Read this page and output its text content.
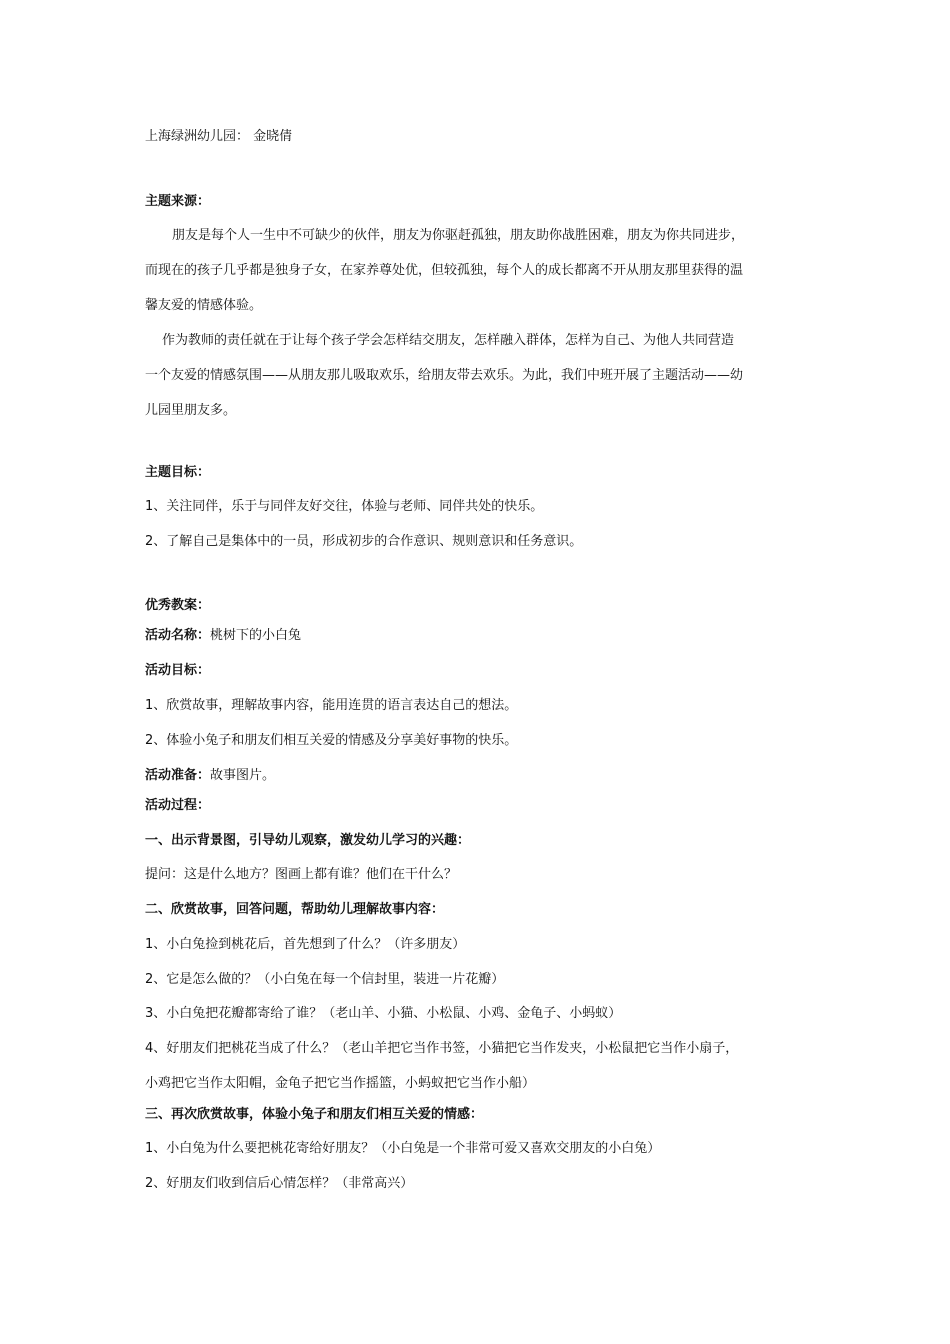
上海绿洲幼儿园： 金晓倩
主题来源：
朋友是每个人一生中不可缺少的伙伴，朋友为你驱赶孤独，朋友助你战胜困难，朋友为你共同进步，
而现在的孩子几乎都是独身子女，在家养尊处优，但较孤独，每个人的成长都离不开从朋友那里获得的温
馨友爱的情感体验。
作为教师的责任就在于让每个孩子学会怎样结交朋友，怎样融入群体，怎样为自己、为他人共同营造
一个友爱的情感氛围——从朋友那儿吸取欢乐，给朋友带去欢乐。为此，我们中班开展了主题活动——幼
儿园里朋友多。
主题目标：
1、关注同伴，乐于与同伴友好交往，体验与老师、同伴共处的快乐。
2、了解自己是集体中的一员，形成初步的合作意识、规则意识和任务意识。
优秀教案：
活动名称：桃树下的小白兔
活动目标：
1、欣赏故事，理解故事内容，能用连贯的语言表达自己的想法。
2、体验小兔子和朋友们相互关爱的情感及分享美好事物的快乐。
活动准备：故事图片。
活动过程：
一、出示背景图，引导幼儿观察，激发幼儿学习的兴趣：
提问：这是什么地方？图画上都有谁？他们在干什么？
二、欣赏故事，回答问题，帮助幼儿理解故事内容：
1、小白兔捡到桃花后，首先想到了什么？（许多朋友）
2、它是怎么做的？（小白兔在每一个信封里，装进一片花瓣）
3、小白兔把花瓣都寄给了谁？（老山羊、小猫、小松鼠、小鸡、金龟子、小蚂蚁）
4、好朋友们把桃花当成了什么？（老山羊把它当作书签，小猫把它当作发夹，小松鼠把它当作小扇子，
小鸡把它当作太阳帽，金龟子把它当作摇篮，小蚂蚁把它当作小船）
三、再次欣赏故事，体验小兔子和朋友们相互关爱的情感：
1、小白兔为什么要把桃花寄给好朋友？（小白兔是一个非常可爱又喜欢交朋友的小白兔）
2、好朋友们收到信后心情怎样？（非常高兴）
